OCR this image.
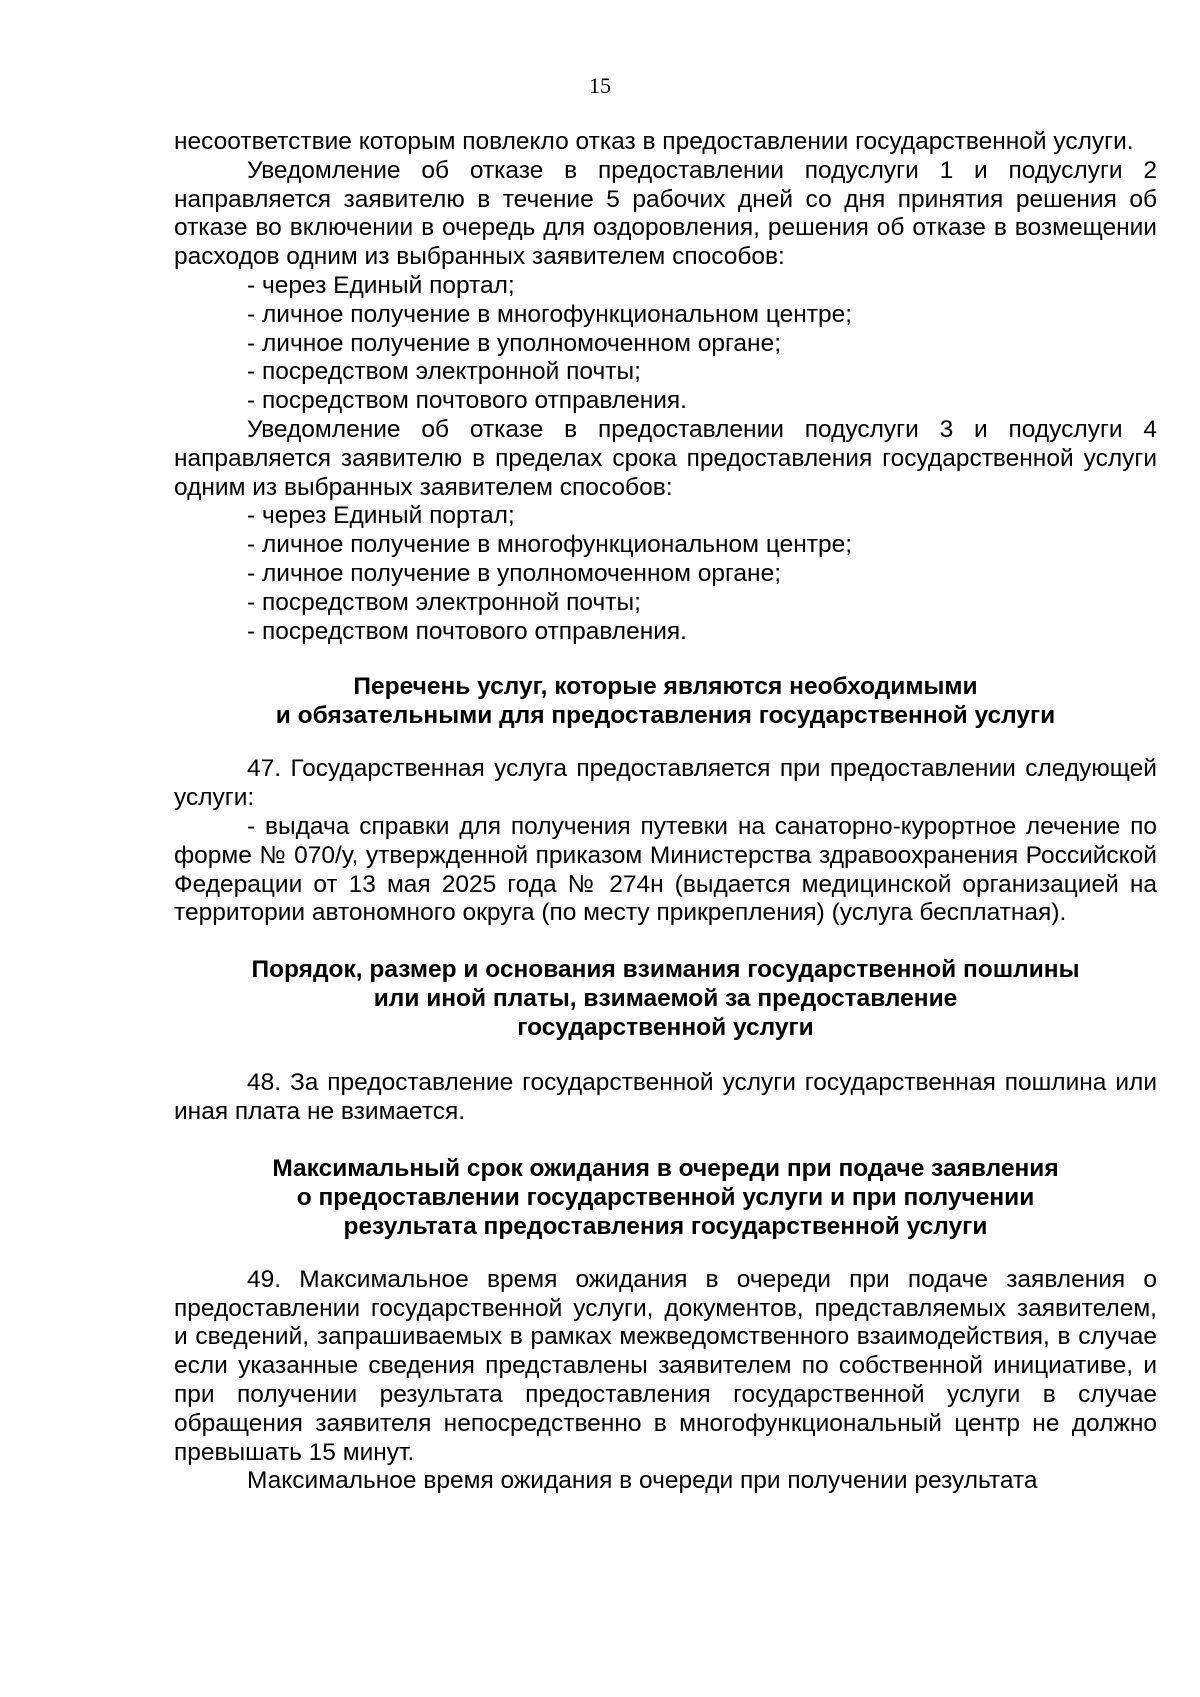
15

несоответствие которым повлекло отказ в предоставлении государственной услуги.

Уведомление об отказе в предоставлении подуслуги 1 и подуслуги 2 направляется заявителю в течение 5 рабочих дней со дня принятия решения об отказе во включении в очередь для оздоровления, решения об отказе в возмещении расходов одним из выбранных заявителем способов:

- через Единый портал;

- личное получение в многофункциональном центре;

- личное получение в уполномоченном органе;

- посредством электронной почты;

- посредством почтового отправления.

Уведомление об отказе в предоставлении подуслуги 3 и подуслуги 4 направляется заявителю в пределах срока предоставления государственной услуги одним из выбранных заявителем способов:

- через Единый портал;

- личное получение в многофункциональном центре;

- личное получение в уполномоченном органе;

- посредством электронной почты;

- посредством почтового отправления.

Перечень услуг, которые являются необходимыми
и обязательными для предоставления государственной услуги

47. Государственная услуга предоставляется при предоставлении следующей услуги:

- выдача справки для получения путевки на санаторно-курортное лечение по форме № 070/у, утвержденной приказом Министерства здравоохранения Российской Федерации от 13 мая 2025 года № 274н (выдается медицинской организацией на территории автономного округа (по месту прикрепления) (услуга бесплатная).

Порядок, размер и основания взимания государственной пошлины
или иной платы, взимаемой за предоставление
государственной услуги

48. За предоставление государственной услуги государственная пошлина или иная плата не взимается.

Максимальный срок ожидания в очереди при подаче заявления
о предоставлении государственной услуги и при получении
результата предоставления государственной услуги

49. Максимальное время ожидания в очереди при подаче заявления о предоставлении государственной услуги, документов, представляемых заявителем, и сведений, запрашиваемых в рамках межведомственного взаимодействия, в случае если указанные сведения представлены заявителем по собственной инициативе, и при получении результата предоставления государственной услуги в случае обращения заявителя непосредственно в многофункциональный центр не должно превышать 15 минут.

Максимальное время ожидания в очереди при получении результата
